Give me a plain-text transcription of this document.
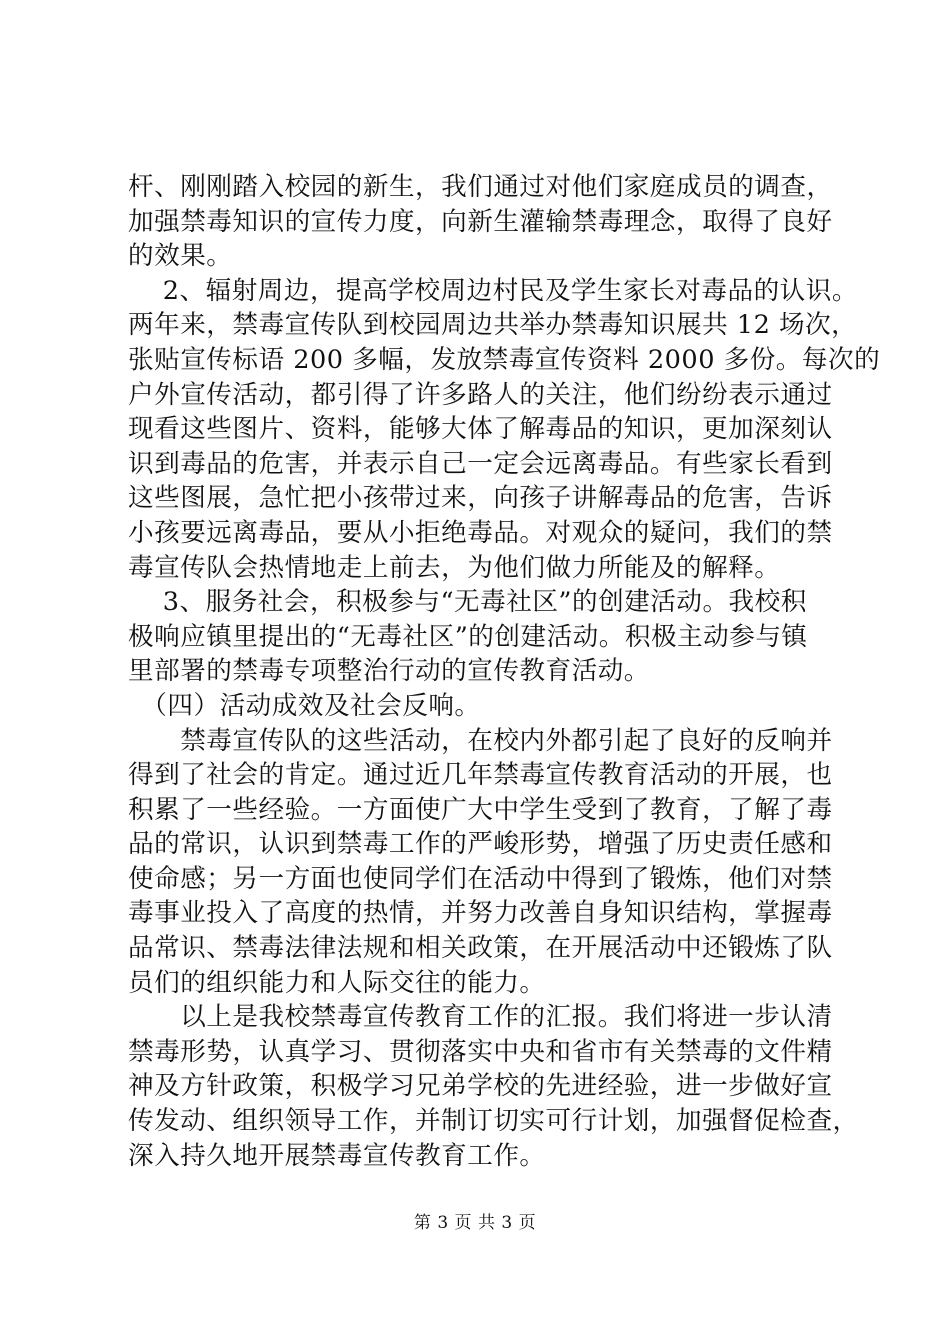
杆、刚刚踏入校园的新生，我们通过对他们家庭成员的调查，
加强禁毒知识的宣传力度，向新生灌输禁毒理念，取得了良好
的效果。
　 2、辐射周边，提高学校周边村民及学生家长对毒品的认识。
两年来，禁毒宣传队到校园周边共举办禁毒知识展共 12 场次，
张贴宣传标语 200 多幅，发放禁毒宣传资料 2000 多份。每次的
户外宣传活动，都引得了许多路人的关注，他们纷纷表示通过
现看这些图片、资料，能够大体了解毒品的知识，更加深刻认
识到毒品的危害，并表示自己一定会远离毒品。有些家长看到
这些图展，急忙把小孩带过来，向孩子讲解毒品的危害，告诉
小孩要远离毒品，要从小拒绝毒品。对观众的疑问，我们的禁
毒宣传队会热情地走上前去，为他们做力所能及的解释。
　 3、服务社会，积极参与“无毒社区”的创建活动。我校积
极响应镇里提出的“无毒社区”的创建活动。积极主动参与镇
里部署的禁毒专项整治行动的宣传教育活动。
　（四）活动成效及社会反响。
　　禁毒宣传队的这些活动，在校内外都引起了良好的反响并
得到了社会的肯定。通过近几年禁毒宣传教育活动的开展，也
积累了一些经验。一方面使广大中学生受到了教育，了解了毒
品的常识，认识到禁毒工作的严峻形势，增强了历史责任感和
使命感；另一方面也使同学们在活动中得到了锻炼，他们对禁
毒事业投入了高度的热情，并努力改善自身知识结构，掌握毒
品常识、禁毒法律法规和相关政策，在开展活动中还锻炼了队
员们的组织能力和人际交往的能力。
　　以上是我校禁毒宣传教育工作的汇报。我们将进一步认清
禁毒形势，认真学习、贯彻落实中央和省市有关禁毒的文件精
神及方针政策，积极学习兄弟学校的先进经验，进一步做好宣
传发动、组织领导工作，并制订切实可行计划，加强督促检查，
深入持久地开展禁毒宣传教育工作。
第 3 页 共 3 页
